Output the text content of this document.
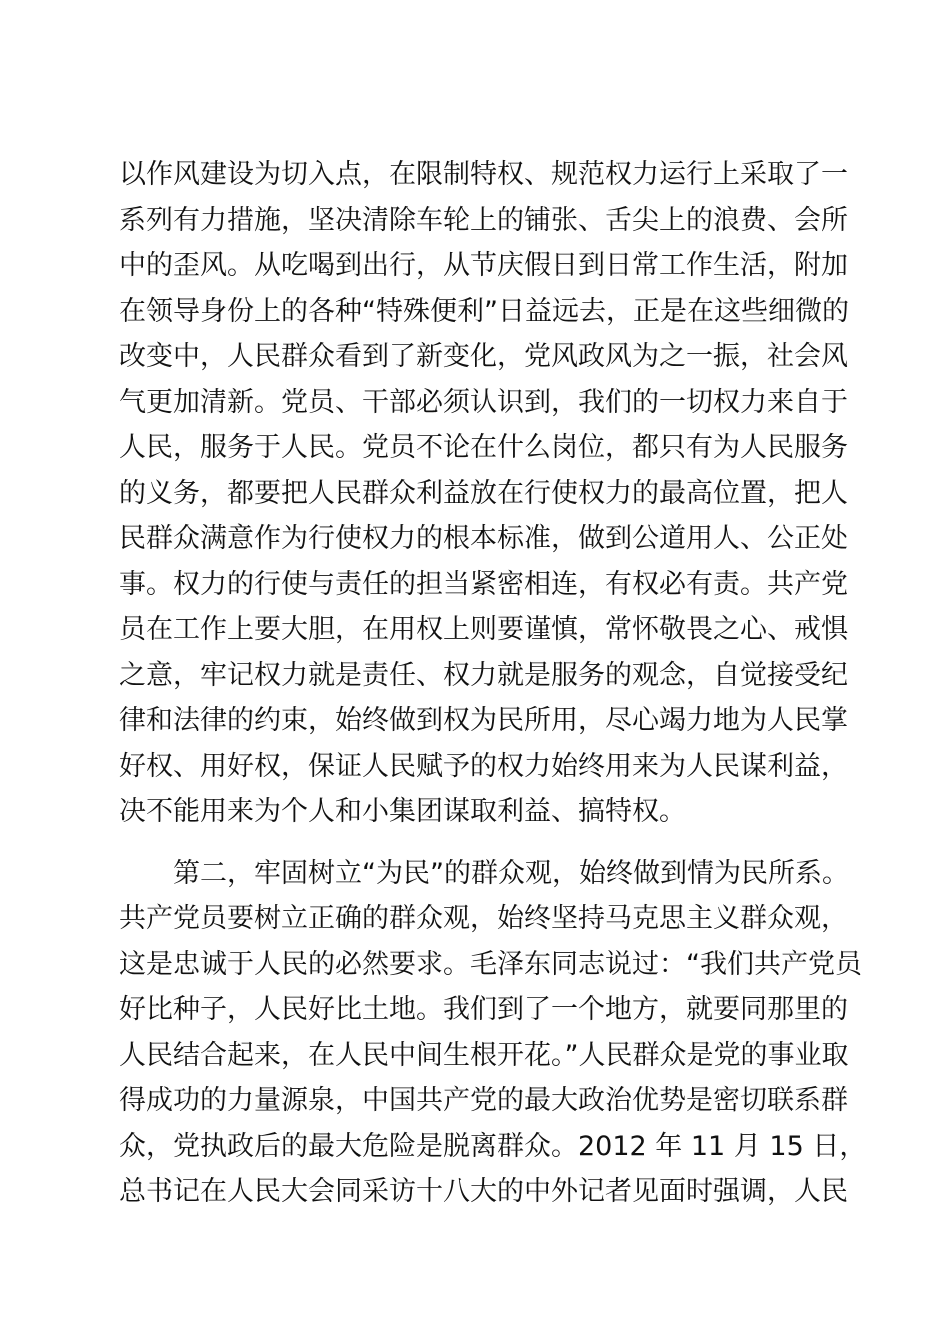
以作风建设为切入点，在限制特权、规范权力运行上采取了一
系列有力措施，坚决清除车轮上的铺张、舌尖上的浪费、会所
中的歪风。从吃喝到出行，从节庆假日到日常工作生活，附加
在领导身份上的各种“特殊便利”日益远去，正是在这些细微的
改变中，人民群众看到了新变化，党风政风为之一振，社会风
气更加清新。党员、干部必须认识到，我们的一切权力来自于
人民，服务于人民。党员不论在什么岗位，都只有为人民服务
的义务，都要把人民群众利益放在行使权力的最高位置，把人
民群众满意作为行使权力的根本标准，做到公道用人、公正处
事。权力的行使与责任的担当紧密相连，有权必有责。共产党
员在工作上要大胆，在用权上则要谨慎，常怀敬畏之心、戒惧
之意，牢记权力就是责任、权力就是服务的观念，自觉接受纪
律和法律的约束，始终做到权为民所用，尽心竭力地为人民掌
好权、用好权，保证人民赋予的权力始终用来为人民谋利益，
决不能用来为个人和小集团谋取利益、搞特权。
第二，牢固树立“为民”的群众观，始终做到情为民所系。
共产党员要树立正确的群众观，始终坚持马克思主义群众观，
这是忠诚于人民的必然要求。毛泽东同志说过：“我们共产党员
好比种子，人民好比土地。我们到了一个地方，就要同那里的
人民结合起来，在人民中间生根开花。”人民群众是党的事业取
得成功的力量源泉，中国共产党的最大政治优势是密切联系群
众，党执政后的最大危险是脱离群众。2012 年 11 月 15 日，
总书记在人民大会同采访十八大的中外记者见面时强调，人民
